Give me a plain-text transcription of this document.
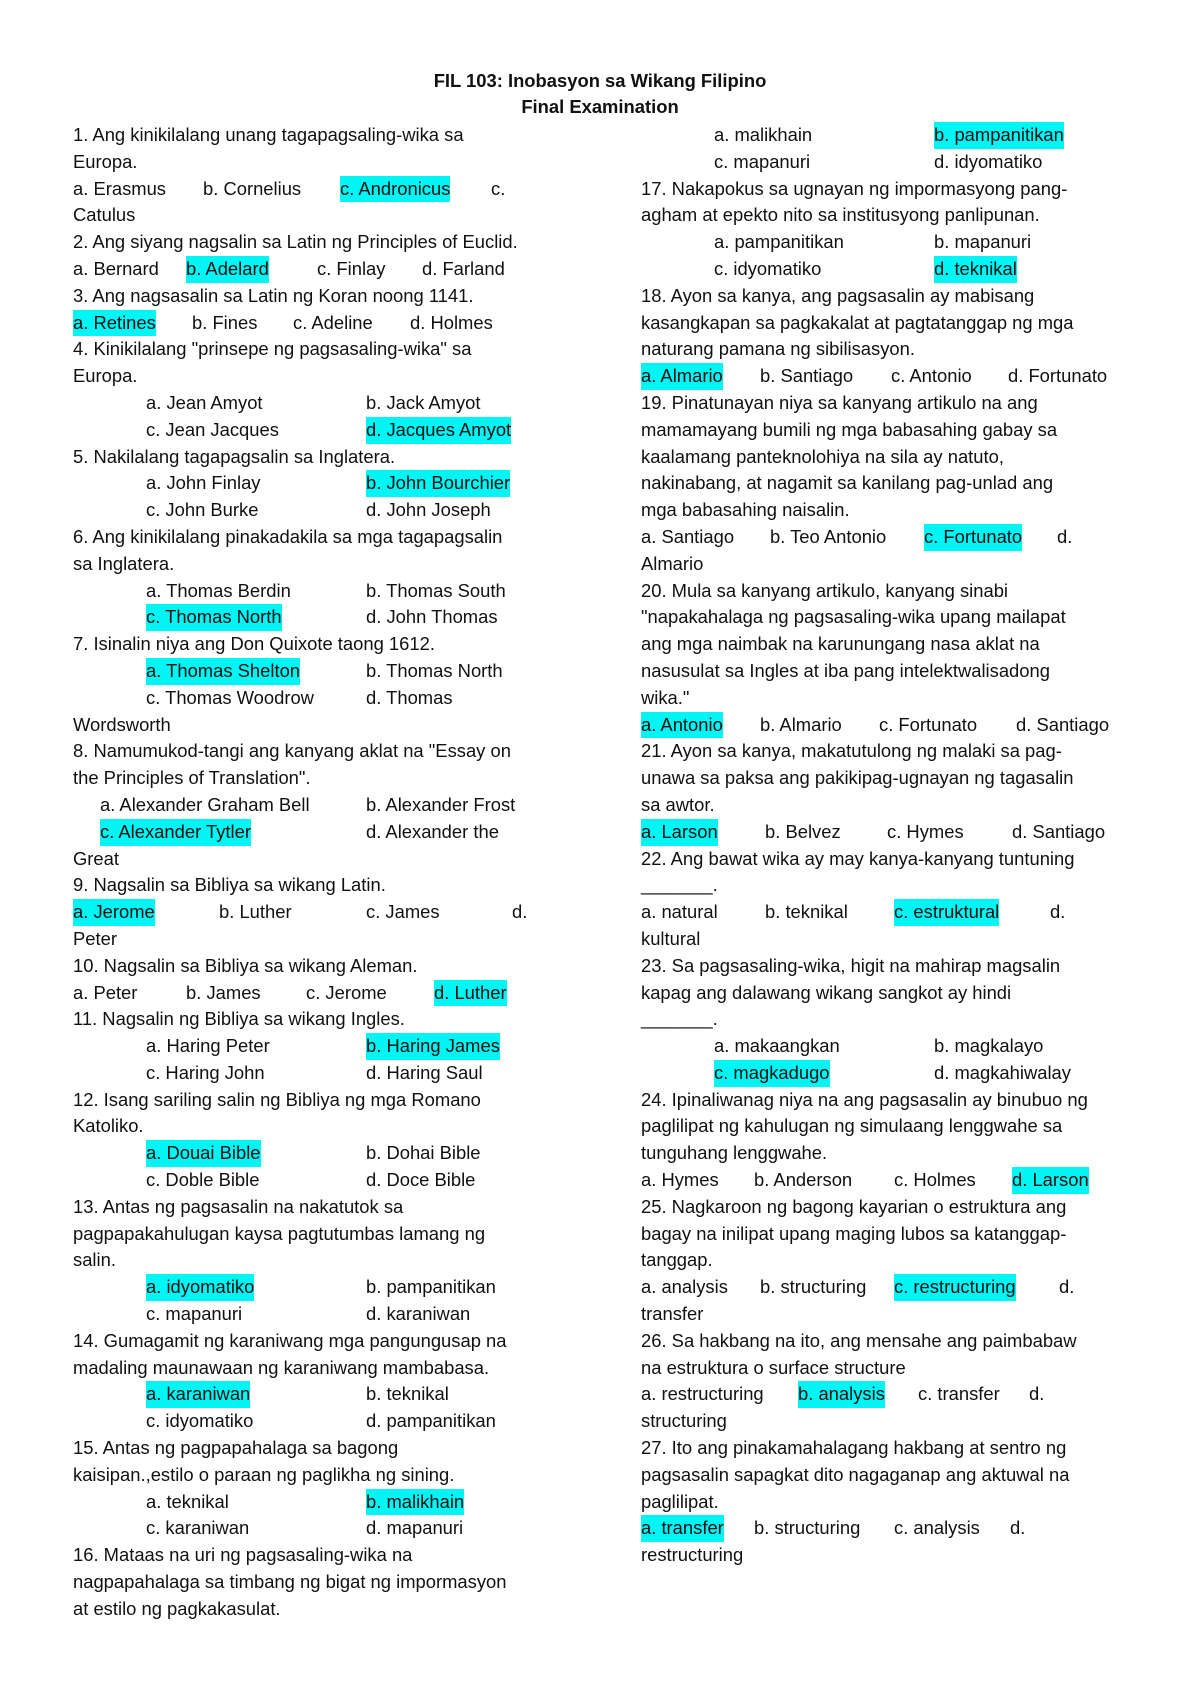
FIL 103: Inobasyon sa Wikang Filipino
Final Examination
1. Ang kinikilalang unang tagapagsaling-wika sa
Europa.
a. Erasmus b. Cornelius c. Andronicus c.
Catulus
2. Ang siyang nagsalin sa Latin ng Principles of Euclid.
a. Bernard b. Adelard	c. Finlay d. Farland
3. Ang nagsasalin sa Latin ng Koran noong 1141.
a. Retines b. Fines c. Adeline d. Holmes
4. Kinikilalang "prinsepe ng pagsasaling-wika" sa
Europa.
a. Jean Amyot	b. Jack Amyot
c. Jean Jacques	d. Jacques Amyot
5. Nakilalang tagapagsalin sa Inglatera.
a. John Finlay	b. John Bourchier
c. John Burke	d. John Joseph
6. Ang kinikilalang pinakadakila sa mga tagapagsalin
sa Inglatera.
a. Thomas Berdin	b. Thomas South
c. Thomas North	d. John Thomas
7. Isinalin niya ang Don Quixote taong 1612.
a. Thomas Shelton	b. Thomas North
c. Thomas Woodrow	d. Thomas
Wordsworth
8. Namumukod-tangi ang kanyang aklat na "Essay on
the Principles of Translation".
a. Alexander Graham Bell	b. Alexander Frost
c. Alexander Tytler	d. Alexander the
Great
9. Nagsalin sa Bibliya sa wikang Latin.
a. Jerome	b. Luther	c. James	d.
Peter
10. Nagsalin sa Bibliya sa wikang Aleman.
a. Peter	b. James c. Jerome	d. Luther
11. Nagsalin ng Bibliya sa wikang Ingles.
a. Haring Peter	b. Haring James
c. Haring John	d. Haring Saul
12. Isang sariling salin ng Bibliya ng mga Romano
Katoliko.
a. Douai Bible	b. Dohai Bible
c. Doble Bible	d. Doce Bible
13. Antas ng pagsasalin na nakatutok sa
pagpapakahulugan kaysa pagtutumbas lamang ng
salin.
a. idyomatiko	b. pampanitikan
c. mapanuri	d. karaniwan
14. Gumagamit ng karaniwang mga pangungusap na
madaling maunawaan ng karaniwang mambabasa.
a. karaniwan	b. teknikal
c. idyomatiko	d. pampanitikan
15. Antas ng pagpapahalaga sa bagong
kaisipan.,estilo o paraan ng paglikha ng sining.
a. teknikal	b. malikhain
c. karaniwan	d. mapanuri
16. Mataas na uri ng pagsasaling-wika na
nagpapahalaga sa timbang ng bigat ng impormasyon
at estilo ng pagkakasulat.
a. malikhain	b. pampanitikan
c. mapanuri	d. idyomatiko
17. Nakapokus sa ugnayan ng impormasyong pang-
agham at epekto nito sa institusyong panlipunan.
a. pampanitikan	b. mapanuri
c. idyomatiko	d. teknikal
18. Ayon sa kanya, ang pagsasalin ay mabisang
kasangkapan sa pagkakalat at pagtatanggap ng mga
naturang pamana ng sibilisasyon.
a. Almario b. Santiago c. Antonio d. Fortunato
19. Pinatunayan niya sa kanyang artikulo na ang
mamamayang bumili ng mga babasahing gabay sa
kaalamang panteknolohiya na sila ay natuto,
nakinabang, at nagamit sa kanilang pag-unlad ang
mga babasahing naisalin.
a. Santiago b. Teo Antonio c. Fortunato d.
Almario
20. Mula sa kanyang artikulo, kanyang sinabi
"napakahalaga ng pagsasaling-wika upang mailapat
ang mga naimbak na karunungang nasa aklat na
nasusulat sa Ingles at iba pang intelektwalisadong
wika."
a. Antonio b. Almario c. Fortunato d. Santiago
21. Ayon sa kanya, makatutulong ng malaki sa pag-
unawa sa paksa ang pakikipag-ugnayan ng tagasalin
sa awtor.
a. Larson	b. Belvez	c. Hymes	d. Santiago
22. Ang bawat wika ay may kanya-kanyang tuntuning
_______.
a. natural	b. teknikal	c. estruktural	d.
kultural
23. Sa pagsasaling-wika, higit na mahirap magsalin
kapag ang dalawang wikang sangkot ay hindi
_______.
a. makaangkan	b. magkalayo
c. magkadugo	d. magkahiwalay
24. Ipinaliwanag niya na ang pagsasalin ay binubuo ng
paglilipat ng kahulugan ng simulaang lenggwahe sa
tunguhang lenggwahe.
a. Hymes b. Anderson c. Holmes d. Larson
25. Nagkaroon ng bagong kayarian o estruktura ang
bagay na inilipat upang maging lubos sa katanggap-
tanggap.
a. analysis b. structuring c. restructuring d.
transfer
26. Sa hakbang na ito, ang mensahe ang paimbabaw
na estruktura o surface structure
a. restructuring b. analysis c. transfer d.
structuring
27. Ito ang pinakamahalagang hakbang at sentro ng
pagsasalin sapagkat dito nagaganap ang aktuwal na
paglilipat.
a. transfer b. structuring c. analysis d.
restructuring
